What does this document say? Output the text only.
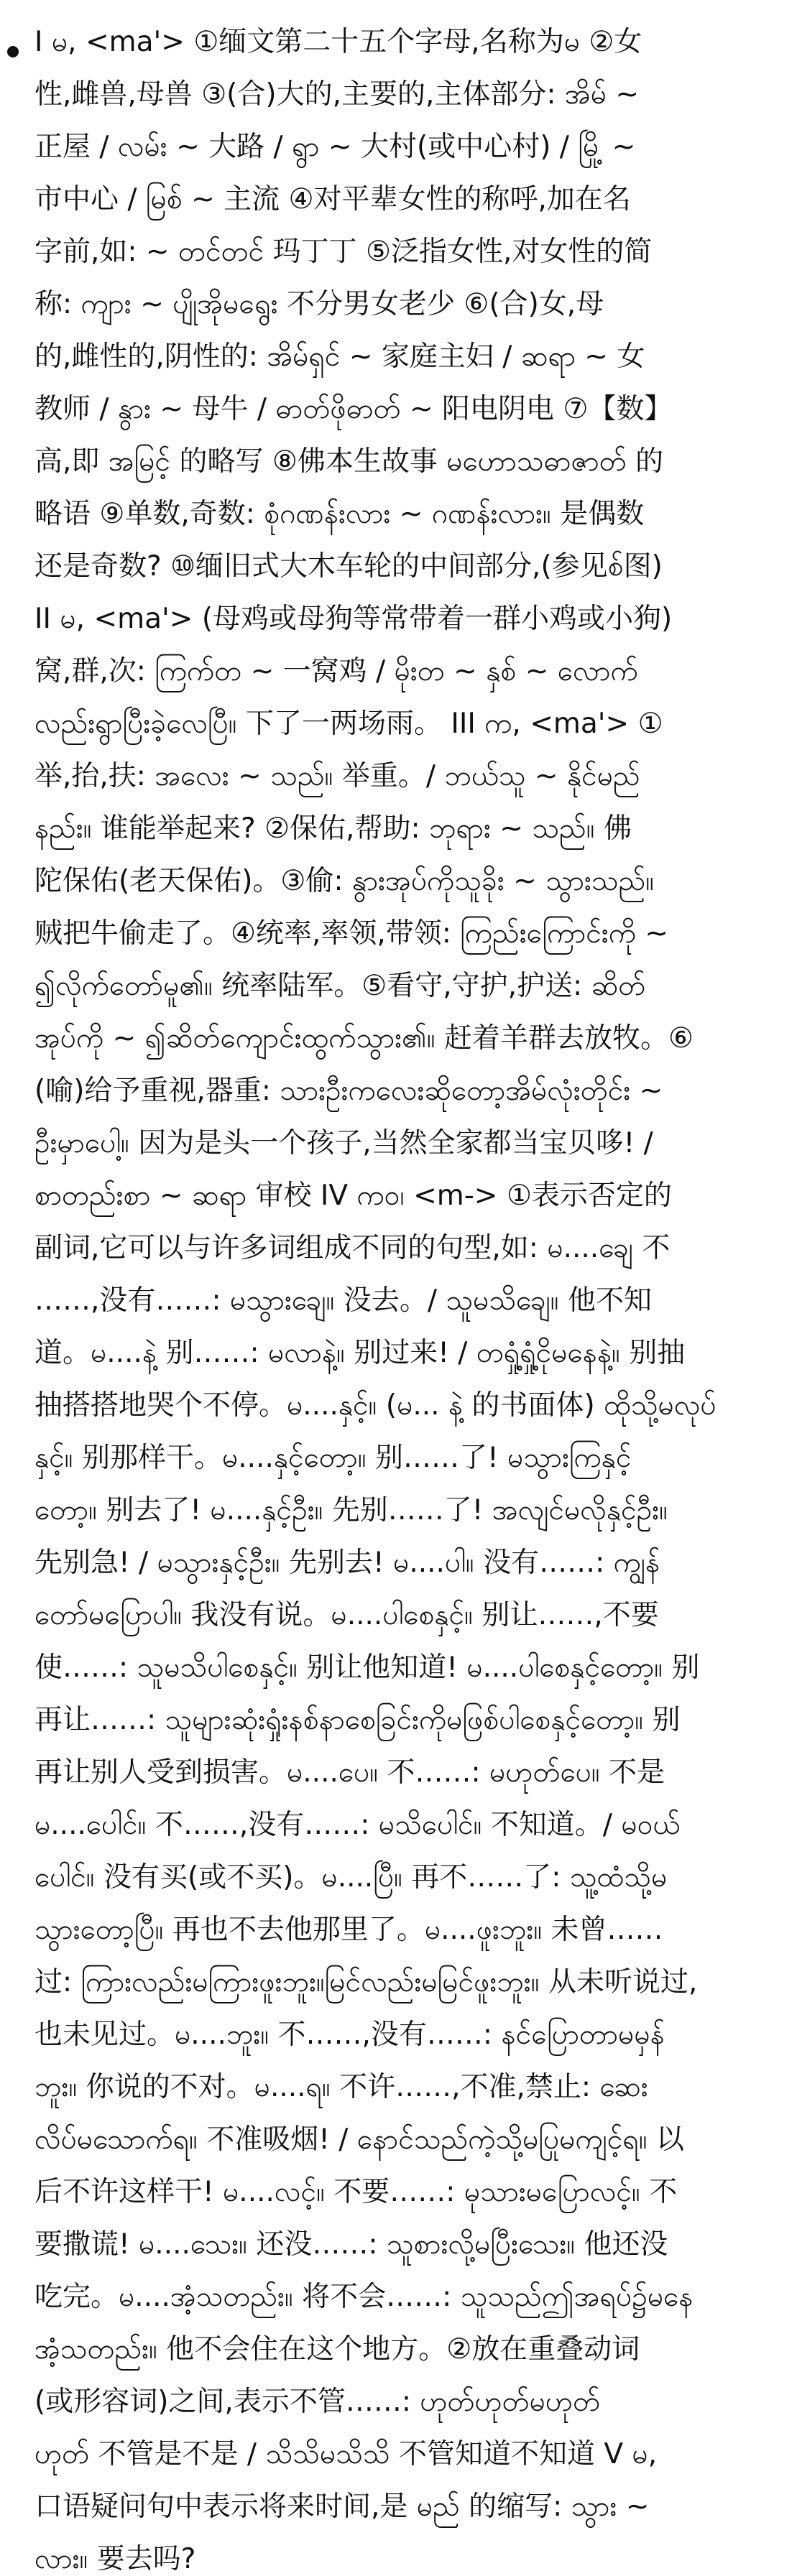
I မ, <ma'> ①缅文第二十五个字母,名称为မ ②女
性,雌兽,母兽 ③(合)大的,主要的,主体部分: အိမ် ~
正屋 / လမ်း ~ 大路 / ရွာ ~ 大村(或中心村) / မြို့ ~
市中心 / မြစ် ~ 主流 ④对平辈女性的称呼,加在名
字前,如: ~ တင်တင် 玛丁丁 ⑤泛指女性,对女性的简
称: ကျား ~ ပျိုအိုမရွေး 不分男女老少 ⑥(合)女,母
的,雌性的,阴性的: အိမ်ရှင် ~ 家庭主妇 / ဆရာ ~ 女
教师 / နွား ~ 母牛 / ဓာတ်ဖိုဓာတ် ~ 阳电阴电 ⑦【数】
高,即 အမြင့် 的略写 ⑧佛本生故事 မဟောသဓာဇာတ် 的
略语 ⑨单数,奇数: စုံဂဏန်းလား ~ ဂဏန်းလား။ 是偶数
还是奇数? ⑩缅旧式大木车轮的中间部分,(参见စ်图)
II မ, <ma'> (母鸡或母狗等常带着一群小鸡或小狗)
窝,群,次: ကြက်တ ~ 一窝鸡 / မိုးတ ~ နှစ် ~ လောက်
လည်းရွာပြီးခဲ့လေပြီ။ 下了一两场雨。 III က, <ma'> ①
举,抬,扶: အလေး ~ သည်။ 举重。/ ဘယ်သူ ~ နိုင်မည်
နည်း။ 谁能举起来? ②保佑,帮助: ဘုရား ~ သည်။ 佛
陀保佑(老天保佑)。③偷: နွားအုပ်ကိုသူခိုး ~ သွားသည်။
贼把牛偷走了。④统率,率领,带领: ကြည်းကြောင်းကို ~
၍လိုက်တော်မူ၏။ 统率陆军。⑤看守,守护,护送: ဆိတ်
အုပ်ကို ~ ၍ဆိတ်ကျောင်းထွက်သွား၏။ 赶着羊群去放牧。⑥
(喻)给予重视,器重: သားဦးကလေးဆိုတော့အိမ်လုံးတိုင်း ~
ဦးမှာပေါ့။ 因为是头一个孩子,当然全家都当宝贝哆! /
စာတည်းစာ ~ ဆရာ 审校 IV ကဝ၊ <m-> ①表示否定的
副词,它可以与许多词组成不同的句型,如: မ....ချေ 不
……,没有……: မသွားချေ။ 没去。/ သူမသိချေ။ 他不知
道。မ....နဲ့ 别……: မလာနဲ့။ 别过来! / တရှုံ့ရှုံ့ငိုမနေနဲ့။ 别抽
抽搭搭地哭个不停。မ....နှင့်။ (မ... နဲ့ 的书面体) ထိုသို့မလုပ်
နှင့်။ 别那样干。မ....နှင့်တော့။ 别……了! မသွားကြနှင့်
တော့။ 别去了! မ....နှင့်ဦး။ 先别……了! အလျင်မလိုနှင့်ဦး။
先别急! / မသွားနှင့်ဦး။ 先别去! မ....ပါ။ 没有……: ကျွန်
တော်မပြောပါ။ 我没有说。မ....ပါစေနှင့်။ 别让……,不要
使……: သူမသိပါစေနှင့်။ 别让他知道! မ....ပါစေနှင့်တော့။ 别
再让……: သူများဆုံးရှုံးနစ်နာစေခြင်းကိုမဖြစ်ပါစေနှင့်တော့။ 别
再让别人受到损害。မ....ပေ။ 不……: မဟုတ်ပေ။ 不是
မ....ပေါင်။ 不……,没有……: မသိပေါင်။ 不知道。/ မဝယ်
ပေါင်။ 没有买(或不买)。မ....ပြီ။ 再不……了: သူ့ထံသို့မ
သွားတော့ပြီ။ 再也不去他那里了。မ....ဖူးဘူး။ 未曾……
过: ကြားလည်းမကြားဖူးဘူး။မြင်လည်းမမြင်ဖူးဘူး။ 从未听说过,
也未见过。မ....ဘူး။ 不……,没有……: နင်ပြောတာမမှန်
ဘူး။ 你说的不对。မ....ရ။ 不许……,不准,禁止: ဆေး
လိပ်မသောက်ရ။ 不准吸烟! / နောင်သည်ကဲ့သို့မပြုမကျင့်ရ။ 以
后不许这样干! မ....လင့်။ 不要……: မုသားမပြောလင့်။ 不
要撒谎! မ....သေး။ 还没……: သူစားလို့မပြီးသေး။ 他还没
吃完。မ....အံ့သတည်း။ 将不会……: သူသည်ဤအရပ်၌မနေ
အံ့သတည်း။ 他不会住在这个地方。②放在重叠动词
(或形容词)之间,表示不管……: ဟုတ်ဟုတ်မဟုတ်
ဟုတ် 不管是不是 / သိသိမသိသိ 不管知道不知道 V မ,
口语疑问句中表示将来时间,是 မည် 的缩写: သွား ~
လား။ 要去吗?
